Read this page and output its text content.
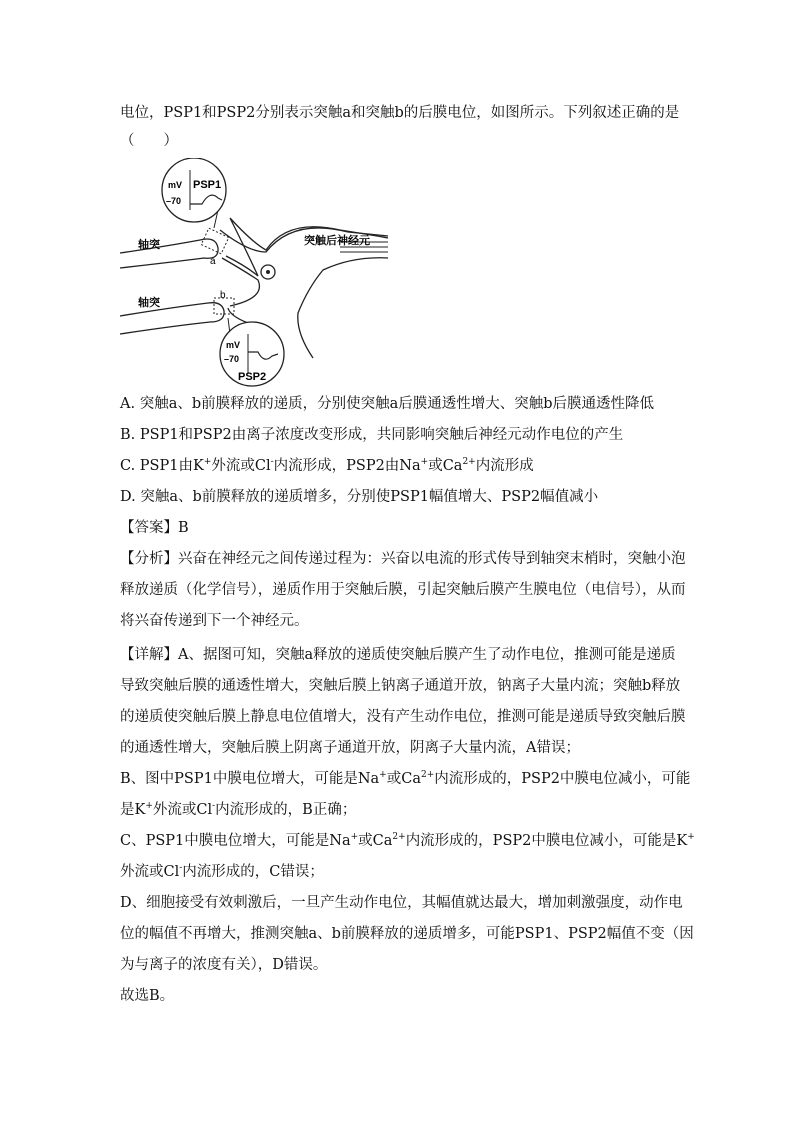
电位，PSP1和PSP2分别表示突触a和突触b的后膜电位，如图所示。下列叙述正确的是
（　　）
mV
–70
PSP1
mV
–70
PSP2
轴突
轴突
a
b
突触后神经元
A. 突触a、b前膜释放的递质，分别使突触a后膜通透性增大、突触b后膜通透性降低
B. PSP1和PSP2由离子浓度改变形成，共同影响突触后神经元动作电位的产生
C. PSP1由K+外流或Cl-内流形成，PSP2由Na+或$Ca^{2+}$内流形成
D. 突触a、b前膜释放的递质增多，分别使PSP1幅值增大、PSP2幅值减小
【答案】B
【分析】兴奋在神经元之间传递过程为：兴奋以电流的形式传导到轴突末梢时，突触小泡
释放递质（化学信号），递质作用于突触后膜，引起突触后膜产生膜电位（电信号），从而
将兴奋传递到下一个神经元。
【详解】A、据图可知，突触a释放的递质使突触后膜产生了动作电位，推测可能是递质
导致突触后膜的通透性增大，突触后膜上钠离子通道开放，钠离子大量内流；突触b释放
的递质使突触后膜上静息电位值增大，没有产生动作电位，推测可能是递质导致突触后膜
的通透性增大，突触后膜上阴离子通道开放，阴离子大量内流，A错误；
B、图中PSP1中膜电位增大，可能是Na+或$Ca^{2+}$内流形成的，PSP2中膜电位减小，可能
是K+外流或Cl-内流形成的，B正确；
C、PSP1中膜电位增大，可能是Na+或$Ca^{2+}$内流形成的，PSP2中膜电位减小，可能是K+
外流或Cl-内流形成的，C错误；
D、细胞接受有效刺激后，一旦产生动作电位，其幅值就达最大，增加刺激强度，动作电
位的幅值不再增大，推测突触a、b前膜释放的递质增多，可能PSP1、PSP2幅值不变（因
为与离子的浓度有关），D错误。
故选B。
